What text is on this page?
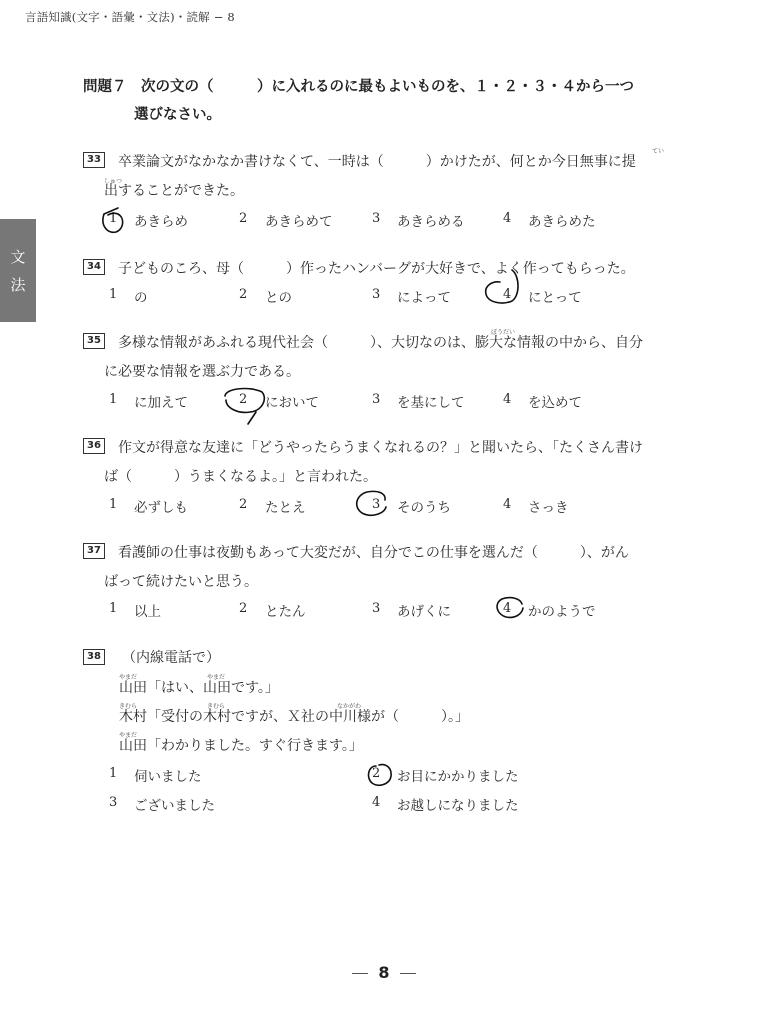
言語知識(文字・語彙・文法)・読解 − 8
文
法
問題７　次の文の（　　　）に入れるのに最もよいものを、１・２・３・４から一つ
選びなさい。
33
てい
卒業論文がなかなか書けなくて、一時は（　　　）かけたが、何とか今日無事に提
しゅつ
出することができた。
1 あきらめ	2 あきらめて	3 あきらめる	4 あきらめた
34 子どものころ、母（　　　）作ったハンバーグが大好きで、よく作ってもらった。
1 の	2 との	3 によって	4 にとって
35
ぼうだい
多様な情報があふれる現代社会（　　　）、大切なのは、膨大な情報の中から、自分
に必要な情報を選ぶ力である。
1 に加えて	2 において	3 を基にして	4 を込めて
36 作文が得意な友達に「どうやったらうまくなれるの？」と聞いたら、「たくさん書け
ば（　　　）うまくなるよ。」と言われた。
1 必ずしも	2 たとえ	3 そのうち	4 さっき
37 看護師の仕事は夜勤もあって大変だが、自分でこの仕事を選んだ（　　　）、がん
ばって続けたいと思う。
1 以上	2 とたん	3 あげくに	4 かのようで
38 （内線電話で）
やまだ	やまだ
山田「はい、山田です。」
きむら	きむら	なかがわ
木村「受付の木村ですが、Ｘ社の中川様が（　　　）。」
やまだ
山田「わかりました。すぐ行きます。」
1 伺いました	2 お目にかかりました
3 ございました	4 お越しになりました
8
